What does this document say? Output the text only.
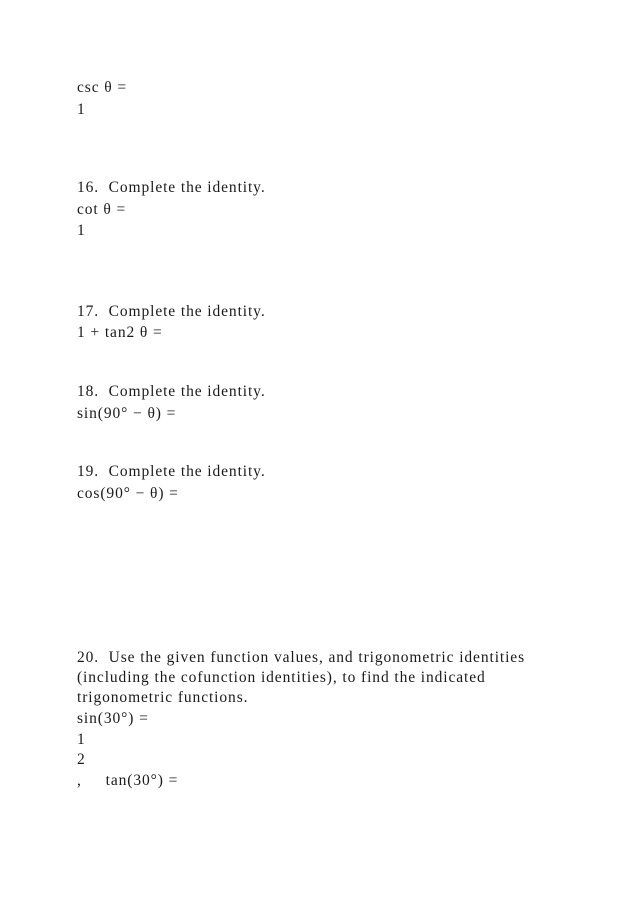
csc θ =
1
16.  Complete the identity.
cot θ =
1
17.  Complete the identity.
1 + tan2 θ =
18.  Complete the identity.
sin(90° − θ) =
19.  Complete the identity.
cos(90° − θ) =
20.  Use the given function values, and trigonometric identities
(including the cofunction identities), to find the indicated
trigonometric functions.
sin(30°) =
1
2
,     tan(30°) =
